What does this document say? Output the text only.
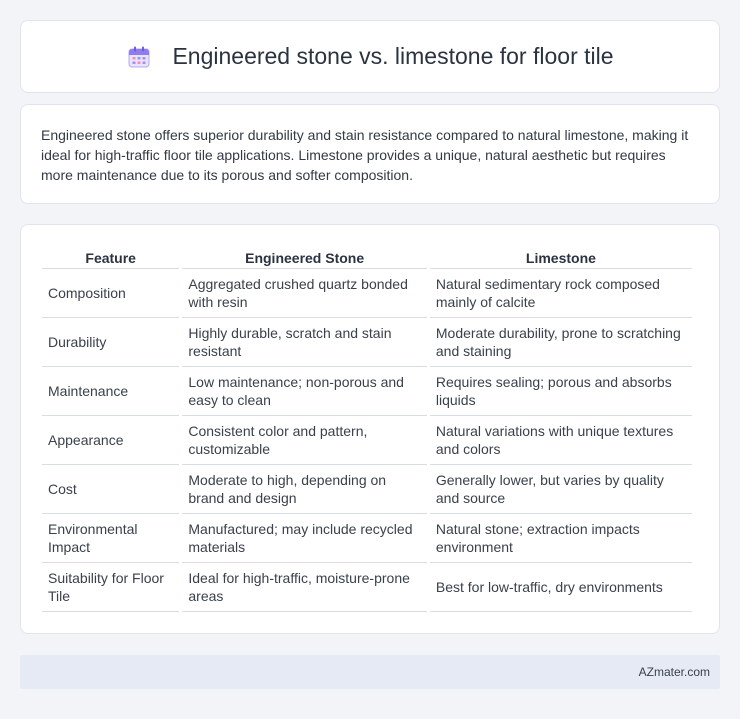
Engineered stone vs. limestone for floor tile

Engineered stone offers superior durability and stain resistance compared to natural limestone, making it ideal for high-traffic floor tile applications. Limestone provides a unique, natural aesthetic but requires more maintenance due to its porous and softer composition.

Feature	Engineered Stone	Limestone
Composition	Aggregated crushed quartz bonded with resin	Natural sedimentary rock composed mainly of calcite
Durability	Highly durable, scratch and stain resistant	Moderate durability, prone to scratching and staining
Maintenance	Low maintenance; non-porous and easy to clean	Requires sealing; porous and absorbs liquids
Appearance	Consistent color and pattern, customizable	Natural variations with unique textures and colors
Cost	Moderate to high, depending on brand and design	Generally lower, but varies by quality and source
Environmental Impact	Manufactured; may include recycled materials	Natural stone; extraction impacts environment
Suitability for Floor Tile	Ideal for high-traffic, moisture-prone areas	Best for low-traffic, dry environments
AZmater.com
